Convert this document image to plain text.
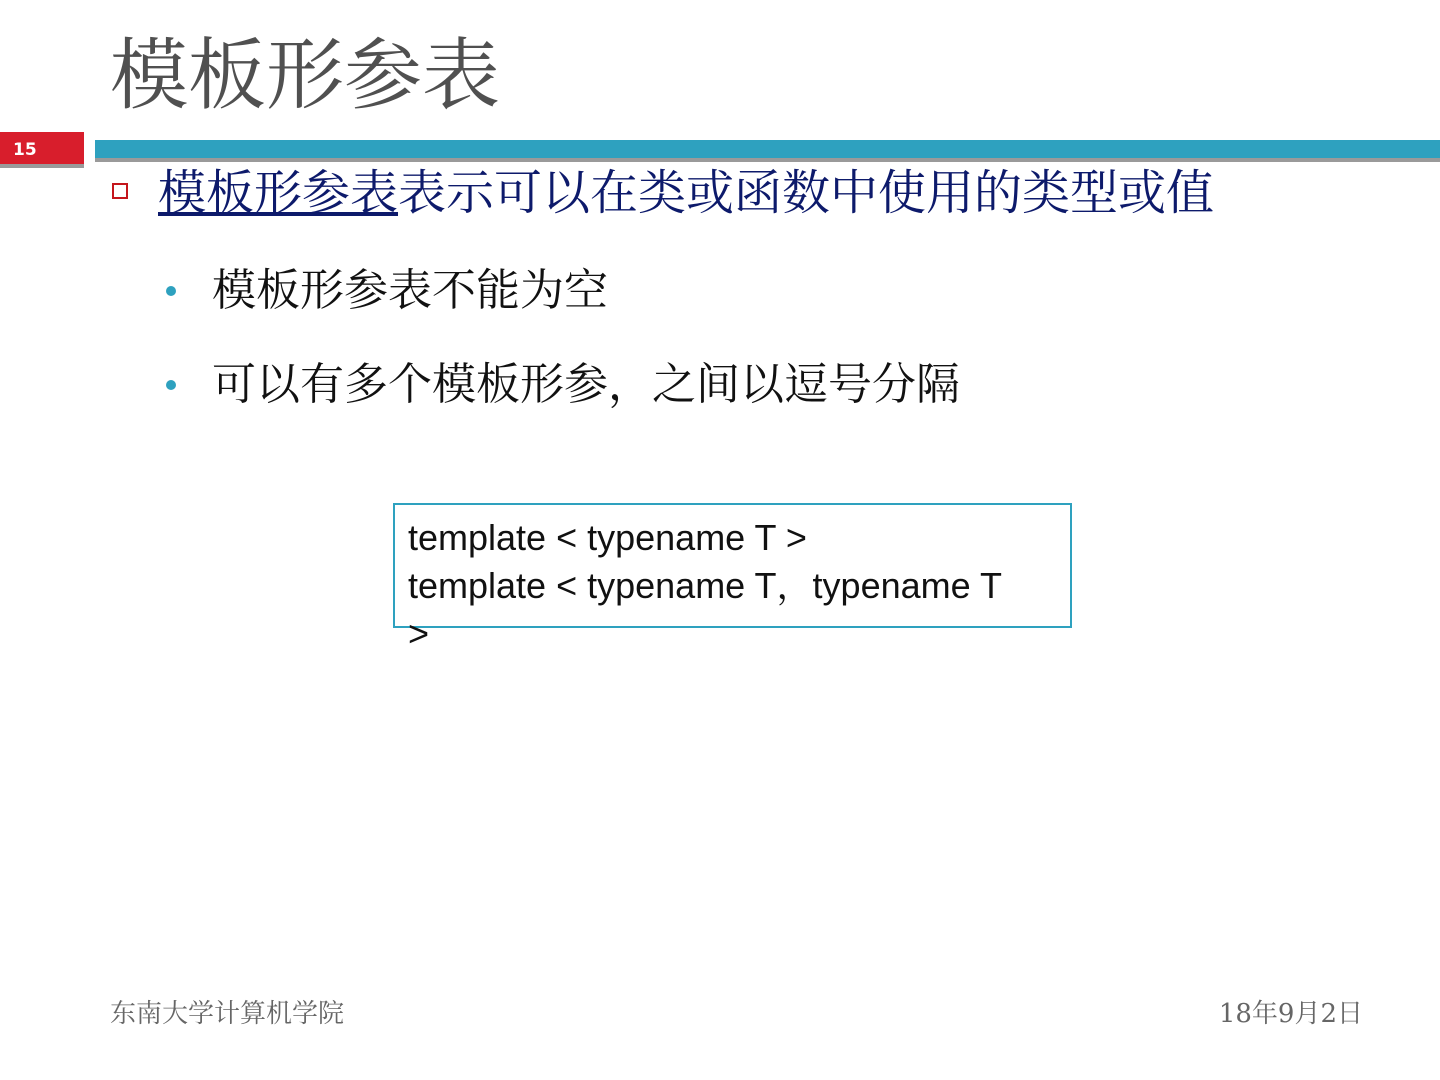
模板形参表
15
模板形参表表示可以在类或函数中使用的类型或值
模板形参表不能为空
可以有多个模板形参，之间以逗号分隔
template < typename T >
template < typename T，typename T
>
东南大学计算机学院	18年9月2日
